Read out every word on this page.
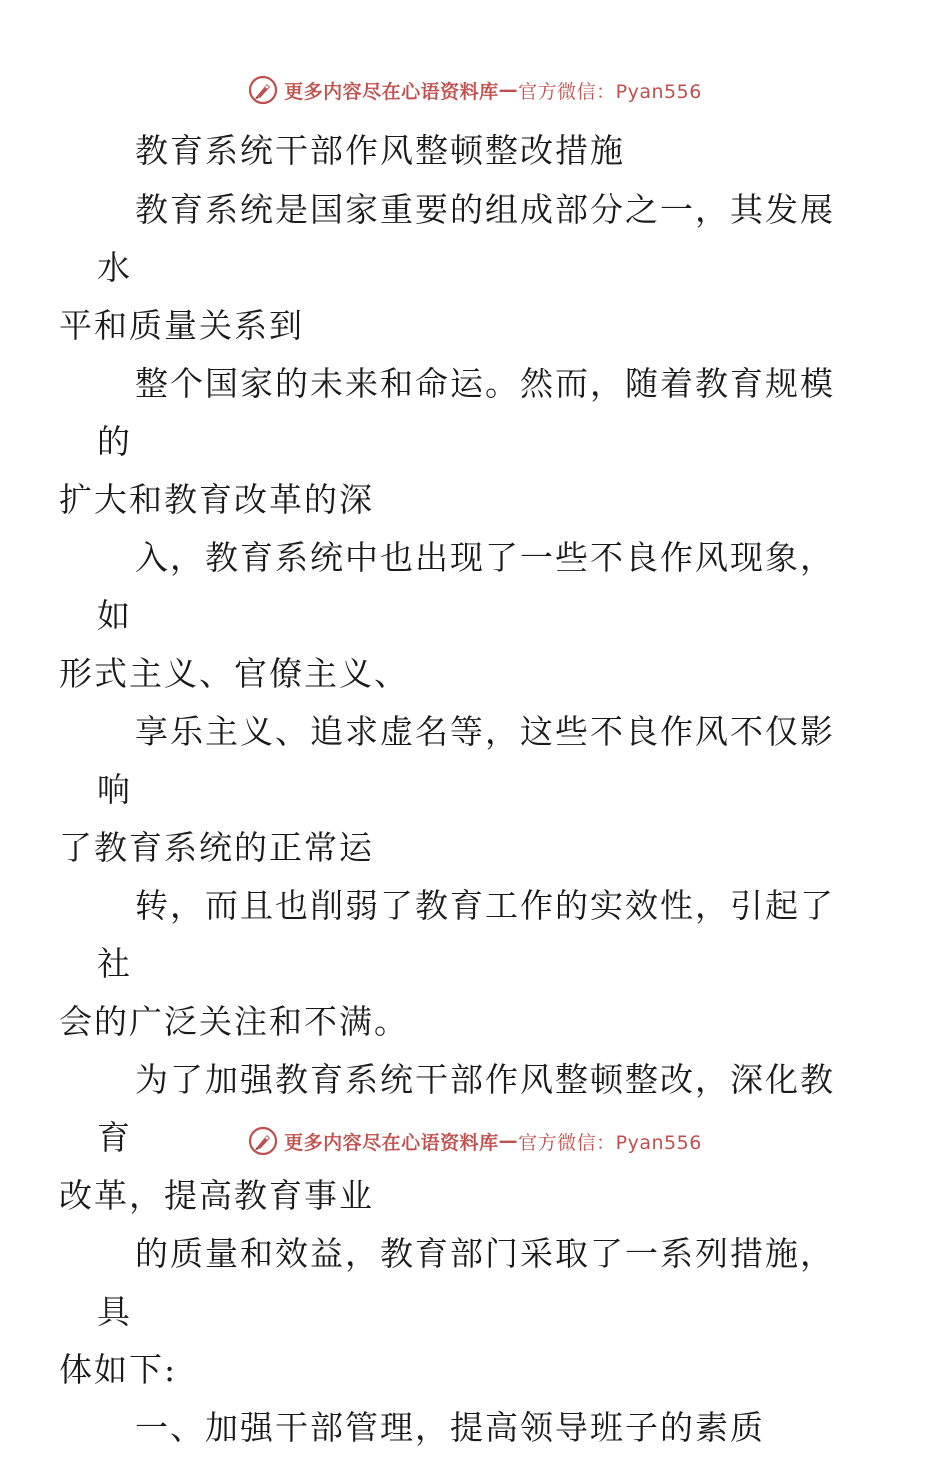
更多内容尽在心语资料库 — 官方微信：Pyan556

教育系统干部作风整顿整改措施

教育系统是国家重要的组成部分之一，其发展水
平和质量关系到

整个国家的未来和命运。然而，随着教育规模的
扩大和教育改革的深

入，教育系统中也出现了一些不良作风现象，如
形式主义、官僚主义、

享乐主义、追求虚名等，这些不良作风不仅影响
了教育系统的正常运

转，而且也削弱了教育工作的实效性，引起了社
会的广泛关注和不满。

为了加强教育系统干部作风整顿整改，深化教育
改革，提高教育事业

的质量和效益，教育部门采取了一系列措施，具
体如下:

一、加强干部管理，提高领导班子的素质

更多内容尽在心语资料库 — 官方微信：Pyan556
